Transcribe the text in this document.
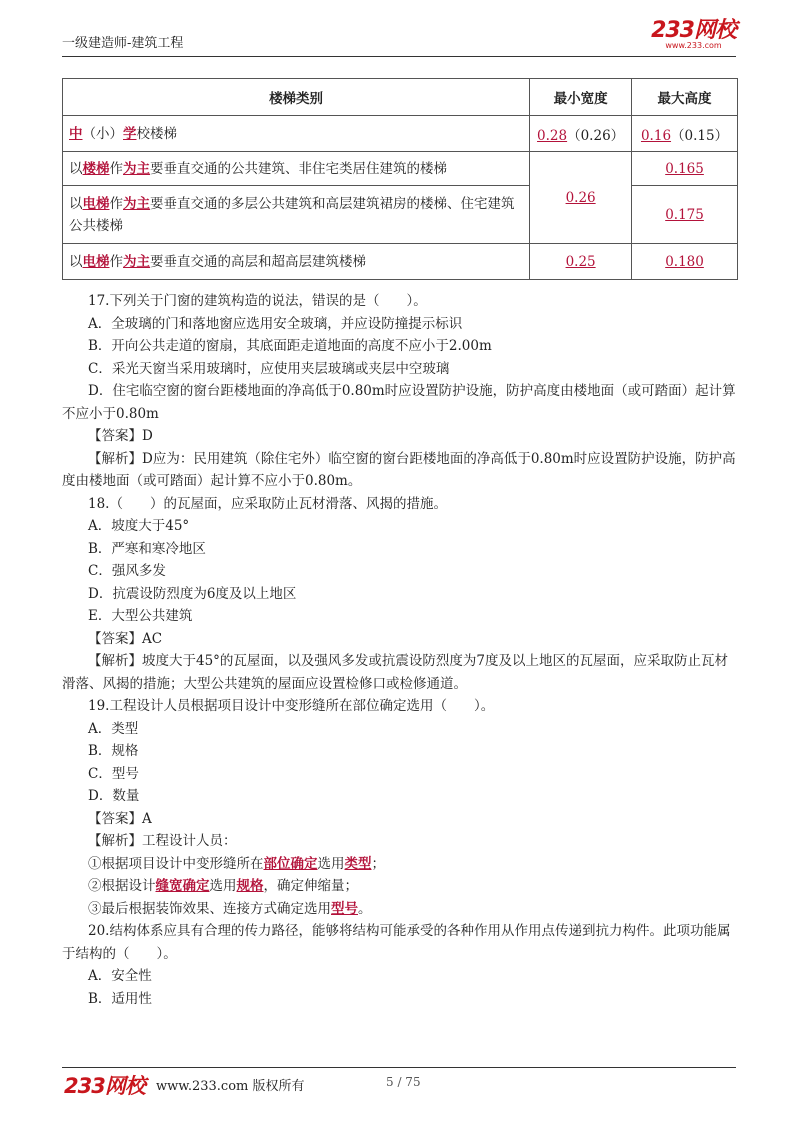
一级建造师-建筑工程
233网校
www.233.com
楼梯类别	最小宽度	最大高度
中（小）学校楼梯	0.28（0.26）	0.16（0.15）
以楼梯作为主要垂直交通的公共建筑、非住宅类居住建筑的楼梯	0.26	0.165
以电梯作为主要垂直交通的多层公共建筑和高层建筑裙房的楼梯、住宅建筑公共楼梯		0.175
以电梯作为主要垂直交通的高层和超高层建筑楼梯	0.25	0.180

17.下列关于门窗的建筑构造的说法，错误的是（　　）。

A．全玻璃的门和落地窗应选用安全玻璃，并应设防撞提示标识

B．开向公共走道的窗扇，其底面距走道地面的高度不应小于2.00m

C．采光天窗当采用玻璃时，应使用夹层玻璃或夹层中空玻璃

D．住宅临空窗的窗台距楼地面的净高低于0.80m时应设置防护设施，防护高度由楼地面（或可踏面）起计算不应小于0.80m

【答案】D

【解析】D应为：民用建筑（除住宅外）临空窗的窗台距楼地面的净高低于0.80m时应设置防护设施，防护高度由楼地面（或可踏面）起计算不应小于0.80m。

18.（　　）的瓦屋面，应采取防止瓦材滑落、风揭的措施。

A．坡度大于45°

B．严寒和寒冷地区

C．强风多发

D．抗震设防烈度为6度及以上地区

E．大型公共建筑

【答案】AC

【解析】坡度大于45°的瓦屋面，以及强风多发或抗震设防烈度为7度及以上地区的瓦屋面，应采取防止瓦材滑落、风揭的措施；大型公共建筑的屋面应设置检修口或检修通道。

19.工程设计人员根据项目设计中变形缝所在部位确定选用（　　）。

A．类型

B．规格

C．型号

D．数量

【答案】A

【解析】工程设计人员：

①根据项目设计中变形缝所在部位确定选用类型；

②根据设计缝宽确定选用规格，确定伸缩量；

③最后根据装饰效果、连接方式确定选用型号。

20.结构体系应具有合理的传力路径，能够将结构可能承受的各种作用从作用点传递到抗力构件。此项功能属于结构的（　　）。

A．安全性

B．适用性

233网校 www.233.com 版权所有	5 / 75
